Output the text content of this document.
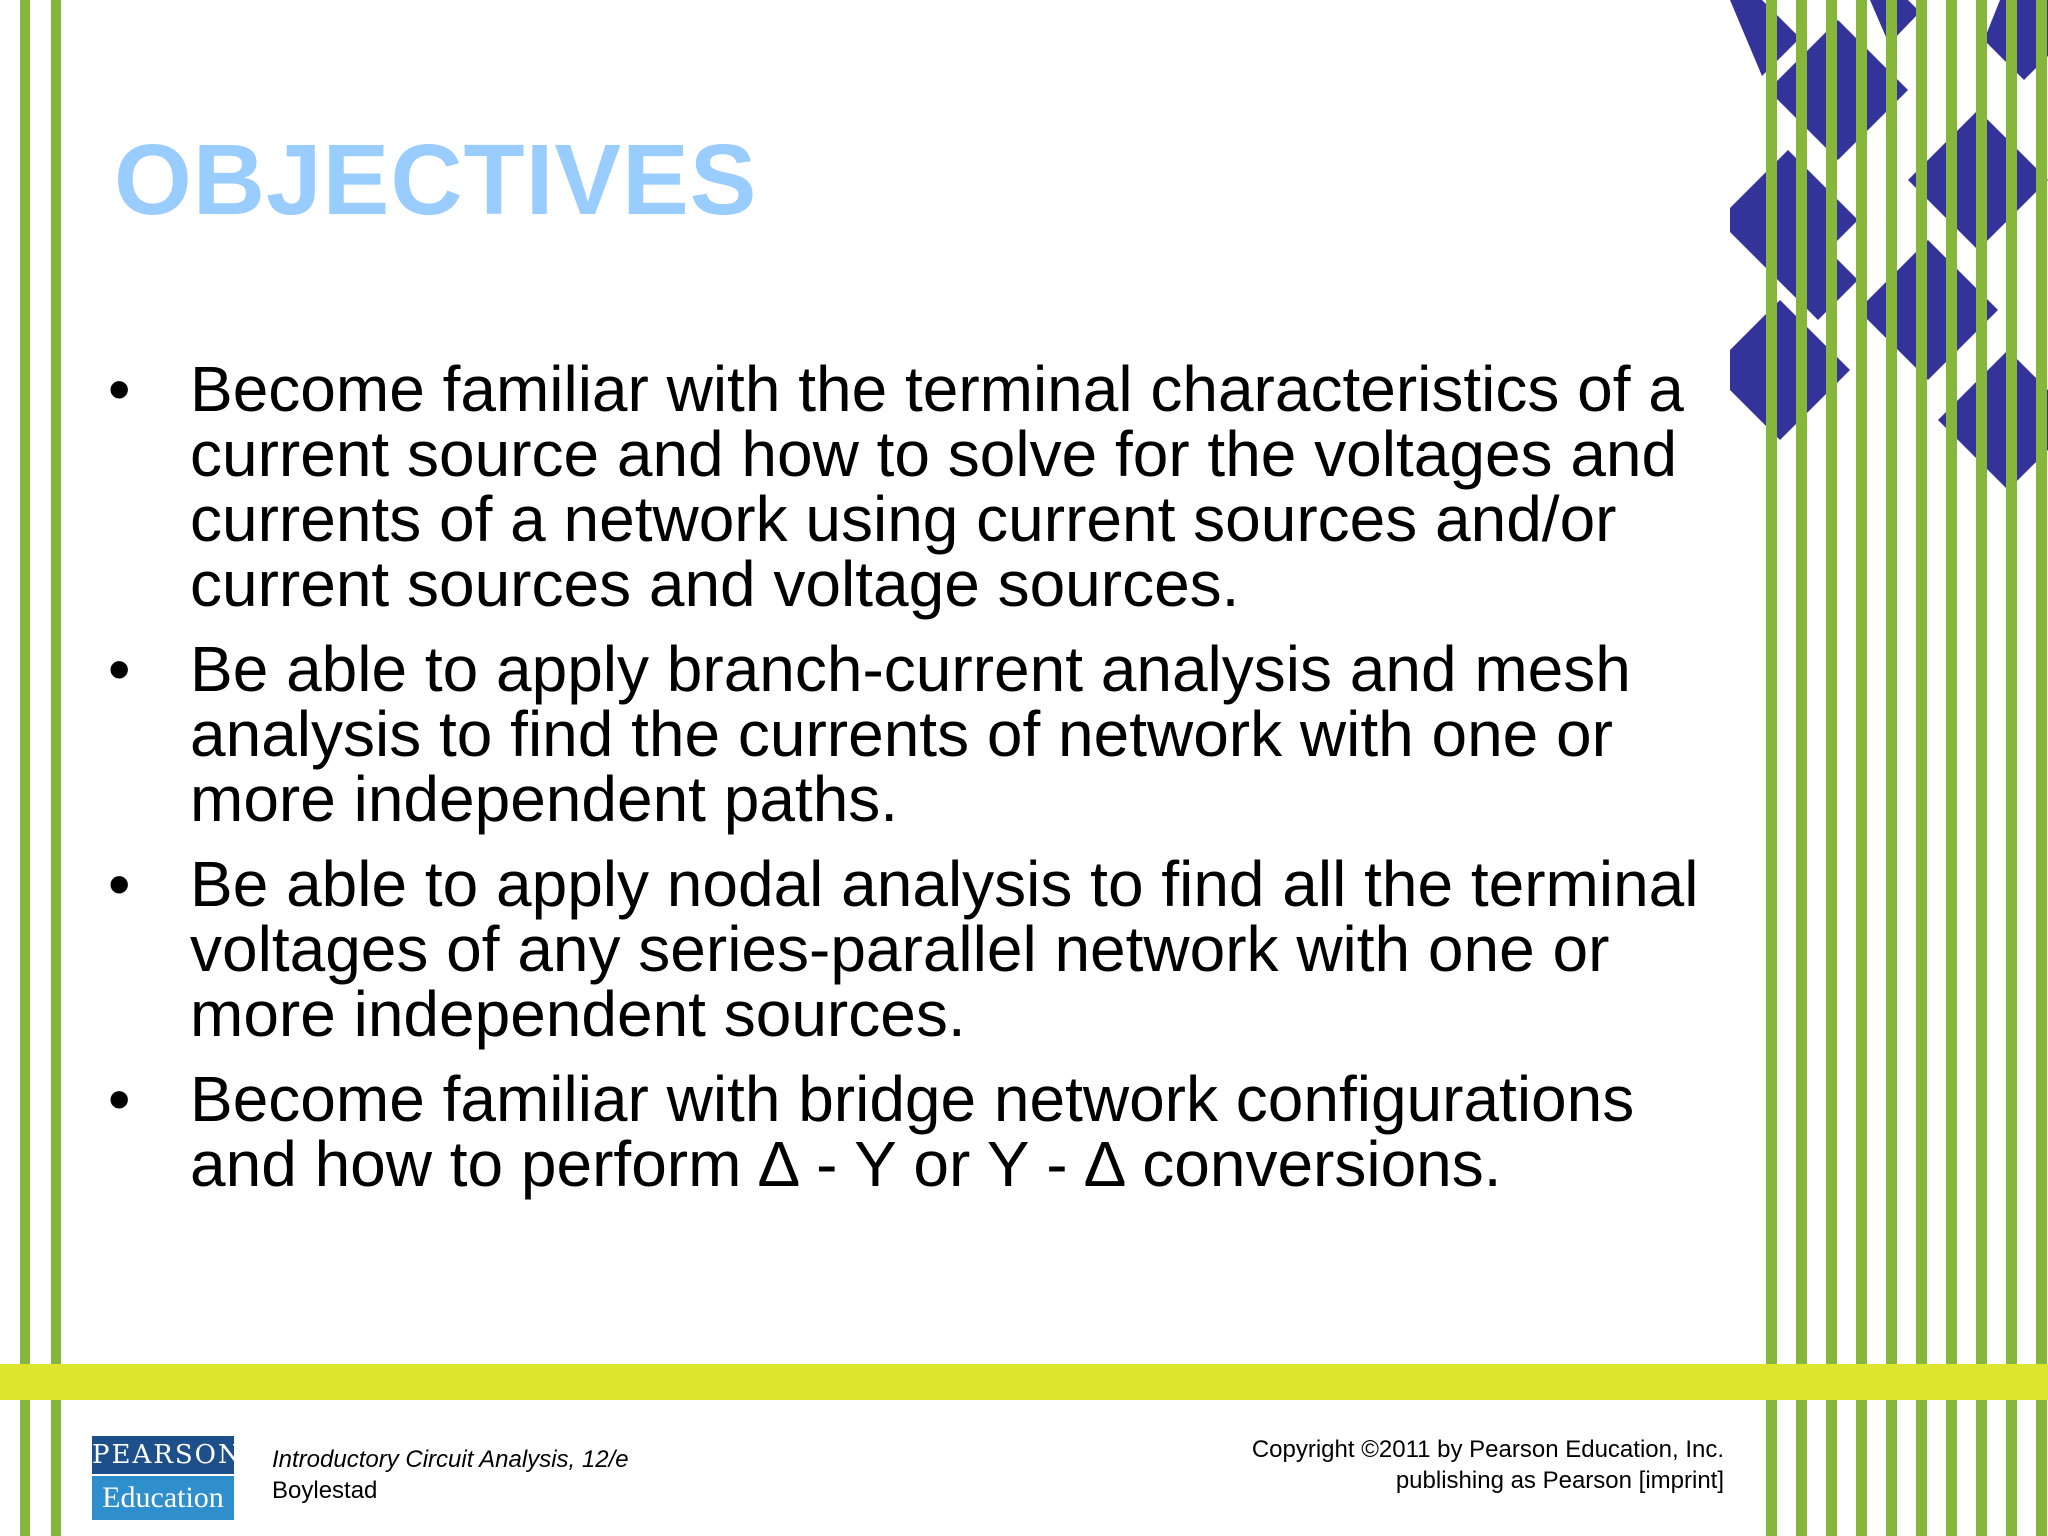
OBJECTIVES
• Become familiar with the terminal characteristics of a current source and how to solve for the voltages and currents of a network using current sources and/or current sources and voltage sources.
• Be able to apply branch-current analysis and mesh analysis to find the currents of network with one or more independent paths.
• Be able to apply nodal analysis to find all the terminal voltages of any series-parallel network with one or more independent sources.
• Become familiar with bridge network configurations and how to perform ∆ - Y or Y - ∆ conversions.
PEARSON
Education
Introductory Circuit Analysis, 12/e
Boylestad
Copyright ©2011 by Pearson Education, Inc.
publishing as Pearson [imprint]
